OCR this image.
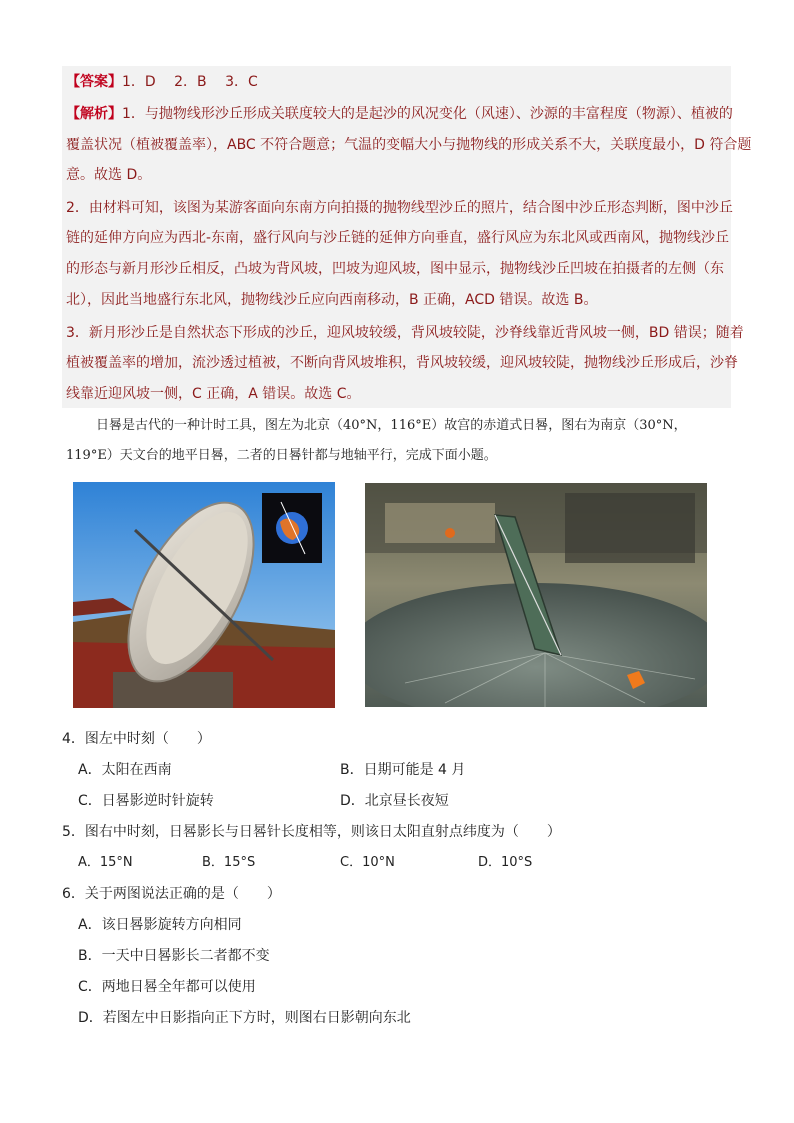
【答案】1．D　 2．B　 3．C
【解析】1．与抛物线形沙丘形成关联度较大的是起沙的风况变化（风速）、沙源的丰富程度（物源）、植被的
覆盖状况（植被覆盖率），ABC 不符合题意；气温的变幅大小与抛物线的形成关系不大，关联度最小，D 符合题
意。故选 D。
2．由材料可知，该图为某游客面向东南方向拍摄的抛物线型沙丘的照片，结合图中沙丘形态判断，图中沙丘
链的延伸方向应为西北-东南，盛行风向与沙丘链的延伸方向垂直，盛行风应为东北风或西南风，抛物线沙丘
的形态与新月形沙丘相反，凸坡为背风坡，凹坡为迎风坡，图中显示，抛物线沙丘凹坡在拍摄者的左侧（东
北），因此当地盛行东北风，抛物线沙丘应向西南移动，B 正确，ACD 错误。故选 B。
3．新月形沙丘是自然状态下形成的沙丘，迎风坡较缓，背风坡较陡，沙脊线靠近背风坡一侧，BD 错误；随着
植被覆盖率的增加，流沙透过植被，不断向背风坡堆积，背风坡较缓，迎风坡较陡，抛物线沙丘形成后，沙脊
线靠近迎风坡一侧，C 正确，A 错误。故选 C。
日晷是古代的一种计时工具，图左为北京（40°N，116°E）故宫的赤道式日晷，图右为南京（30°N，
119°E）天文台的地平日晷，二者的日晷针都与地轴平行，完成下面小题。
4．图左中时刻（　　）
A．太阳在西南	B．日期可能是 4 月
C．日晷影逆时针旋转	D．北京昼长夜短
5．图右中时刻，日晷影长与日晷针长度相等，则该日太阳直射点纬度为（　　）
A．15°N	B．15°S	C．10°N	D．10°S
6．关于两图说法正确的是（　　）
A．该日晷影旋转方向相同
B．一天中日晷影长二者都不变
C．两地日晷全年都可以使用
D．若图左中日影指向正下方时，则图右日影朝向东北
